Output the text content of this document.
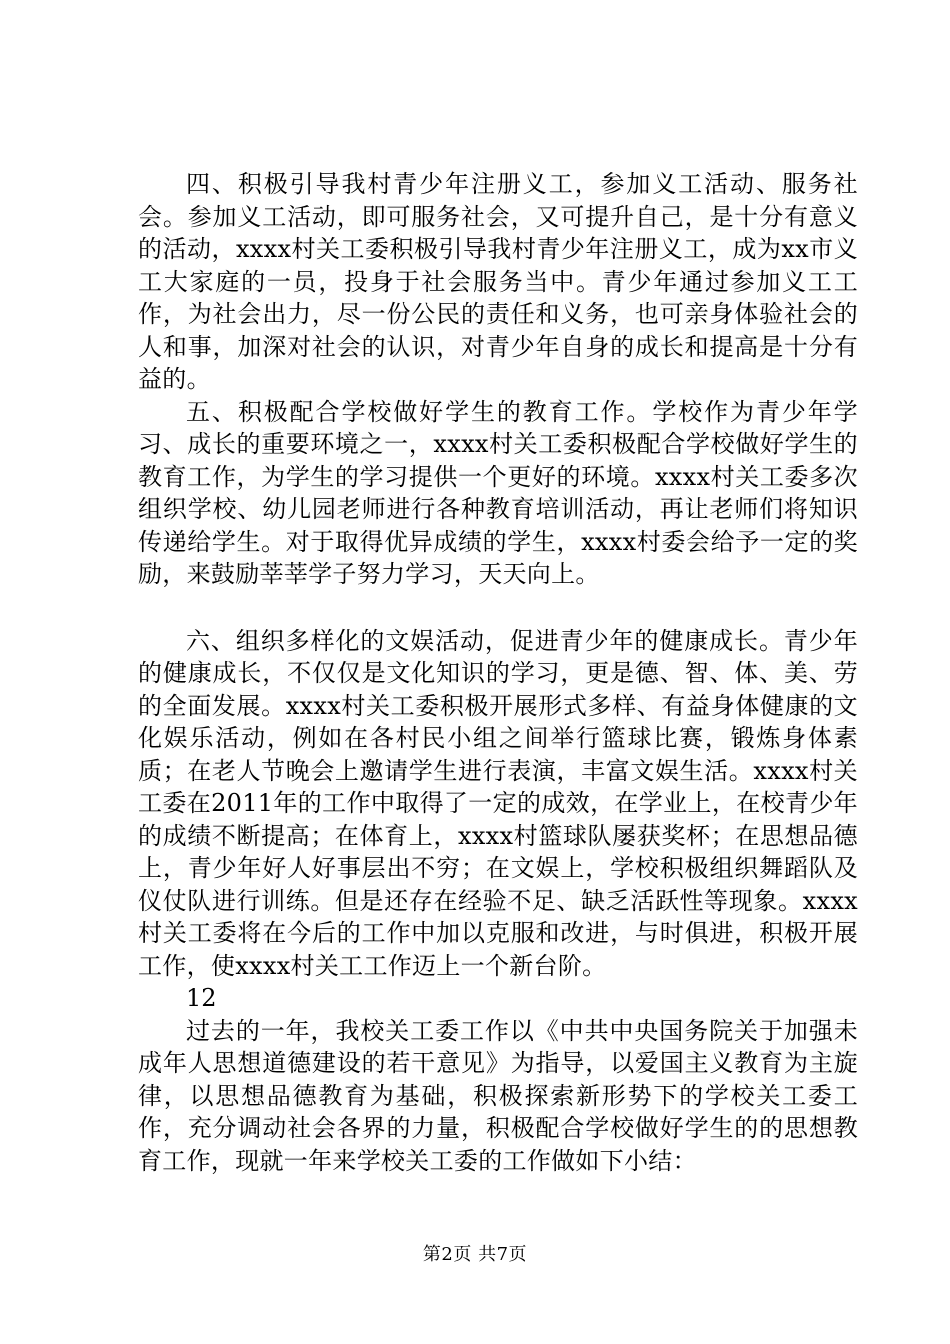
四、积极引导我村青少年注册义工，参加义工活动、服务社会。参加义工活动，即可服务社会，又可提升自己，是十分有意义的活动，xxxx村关工委积极引导我村青少年注册义工，成为xx市义工大家庭的一员，投身于社会服务当中。青少年通过参加义工工作，为社会出力，尽一份公民的责任和义务，也可亲身体验社会的人和事，加深对社会的认识，对青少年自身的成长和提高是十分有益的。

五、积极配合学校做好学生的教育工作。学校作为青少年学习、成长的重要环境之一，xxxx村关工委积极配合学校做好学生的教育工作，为学生的学习提供一个更好的环境。xxxx村关工委多次组织学校、幼儿园老师进行各种教育培训活动，再让老师们将知识传递给学生。对于取得优异成绩的学生，xxxx村委会给予一定的奖励，来鼓励莘莘学子努力学习，天天向上。

六、组织多样化的文娱活动，促进青少年的健康成长。青少年的健康成长，不仅仅是文化知识的学习，更是德、智、体、美、劳的全面发展。xxxx村关工委积极开展形式多样、有益身体健康的文化娱乐活动，例如在各村民小组之间举行篮球比赛，锻炼身体素质；在老人节晚会上邀请学生进行表演，丰富文娱生活。xxxx村关工委在2011年的工作中取得了一定的成效，在学业上，在校青少年的成绩不断提高；在体育上，xxxx村篮球队屡获奖杯；在思想品德上，青少年好人好事层出不穷；在文娱上，学校积极组织舞蹈队及仪仗队进行训练。但是还存在经验不足、缺乏活跃性等现象。xxxx村关工委将在今后的工作中加以克服和改进，与时俱进，积极开展工作，使xxxx村关工工作迈上一个新台阶。

12

过去的一年，我校关工委工作以《中共中央国务院关于加强未成年人思想道德建设的若干意见》为指导，以爱国主义教育为主旋律，以思想品德教育为基础，积极探索新形势下的学校关工委工作，充分调动社会各界的力量，积极配合学校做好学生的的思想教育工作，现就一年来学校关工委的工作做如下小结：

第2页 共7页
